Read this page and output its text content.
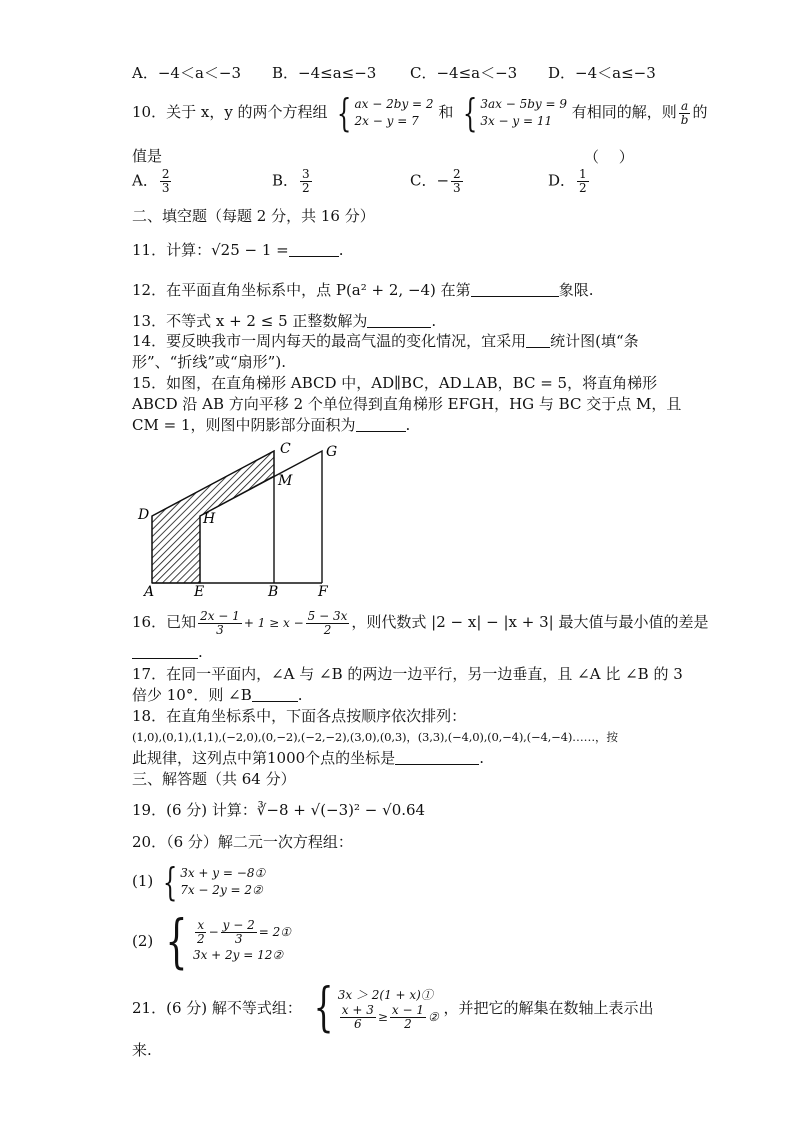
A．−4＜a＜−3 B．−4≤a≤−3 C．−4≤a＜−3 D．−4＜a≤−3
10．关于 x，y 的两个方程组 { ax − 2by = 2
2x − y = 7	和 { 3ax − 5by = 9
3x − y = 11	有相同的解，则 $\frac{a}{b}$ 的
值是	（　 ）
A． $\frac{2}{3}$	B． $\frac{3}{2}$	C．− $\frac{2}{3}$	D． $\frac{1}{2}$
二、填空题（每题 2 分，共 16 分）
11．计算：√25 − 1 =	.
12．在平面直角坐标系中，点 P(a² + 2, −4) 在第	象限.
13．不等式 x + 2 ≤ 5 正整数解为	.
14．要反映我市一周内每天的最高气温的变化情况，宜采用 统计图(填“条
形”、“折线”或“扇形”).
15．如图，在直角梯形 ABCD 中，AD∥BC，AD⊥AB，BC = 5，将直角梯形
ABCD 沿 AB 方向平移 2 个单位得到直角梯形 EFGH，HG 与 BC 交于点 M，且
CM = 1，则图中阴影部分面积为	.
A	E	B	F
C	G
M
D	H
16．已知 $\frac{2x - 1}{3} + 1 \ge x - \frac{5 - 3x}{2}$ ，则代数式 |2 − x| − |x + 3| 最大值与最小值的差是
.
17．在同一平面内，∠A 与 ∠B 的两边一边平行，另一边垂直，且 ∠A 比 ∠B 的 3
倍少 10°．则 ∠B	.
18．在直角坐标系中，下面各点按顺序依次排列：
(1,0),(0,1),(1,1),(−2,0),(0,−2),(−2,−2),(3,0),(0,3)，(3,3),(−4,0),(0,−4),(−4,−4)……，按
此规律，这列点中第1000个点的坐标是	.
三、解答题（共 64 分）
19．(6 分) 计算：∛−8 + √(−3)² − √0.64
20．（6 分）解二元一次方程组：
(1) { 3x + y = −8①
7x − 2y = 2②
(2) { $\frac{x}{2} - \frac{y - 2}{3}$ = 2①
3x + 2y = 12②
21．(6 分) 解不等式组： { 3x ＞ 2(1 + x)①
$\frac{x + 3}{6} \ge \frac{x - 1}{2}$ ② ，并把它的解集在数轴上表示出
来.
